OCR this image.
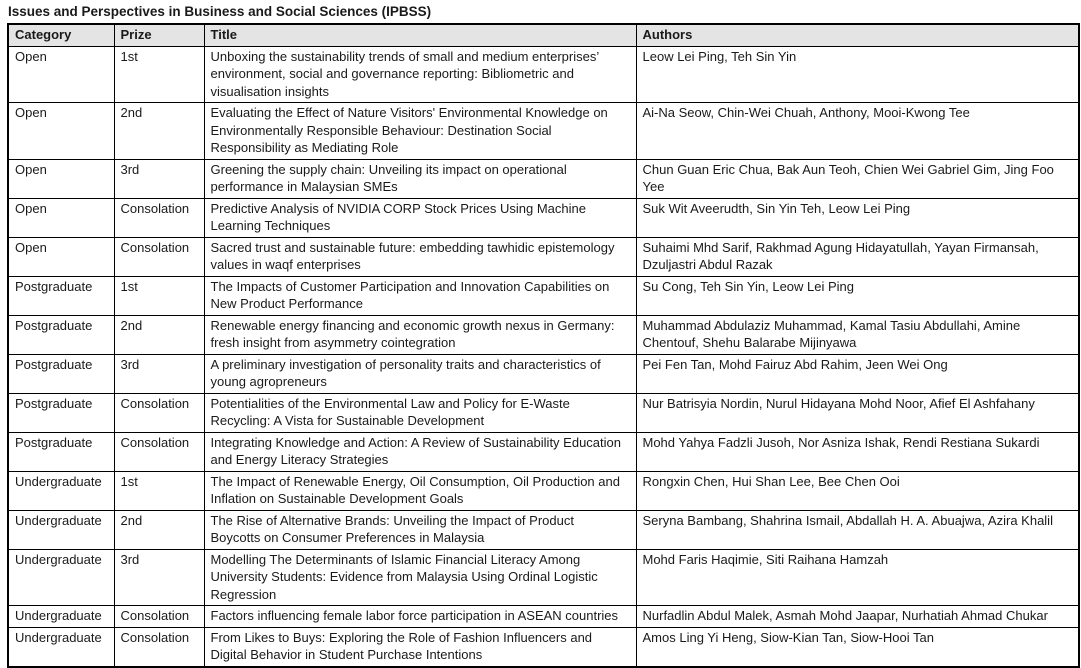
Issues and Perspectives in Business and Social Sciences (IPBSS)
Category	Prize	Title	Authors
Open	1st	Unboxing the sustainability trends of small and medium enterprises’ environment, social and governance reporting: Bibliometric and visualisation insights	Leow Lei Ping, Teh Sin Yin
Open	2nd	Evaluating the Effect of Nature Visitors' Environmental Knowledge on Environmentally Responsible Behaviour: Destination Social Responsibility as Mediating Role	Ai-Na Seow, Chin-Wei Chuah, Anthony, Mooi-Kwong Tee
Open	3rd	Greening the supply chain: Unveiling its impact on operational performance in Malaysian SMEs	Chun Guan Eric Chua, Bak Aun Teoh, Chien Wei Gabriel Gim, Jing Foo Yee
Open	Consolation	Predictive Analysis of NVIDIA CORP Stock Prices Using Machine Learning Techniques	Suk Wit Aveerudth, Sin Yin Teh, Leow Lei Ping
Open	Consolation	Sacred trust and sustainable future: embedding tawhidic epistemology values in waqf enterprises	Suhaimi Mhd Sarif, Rakhmad Agung Hidayatullah, Yayan Firmansah, Dzuljastri Abdul Razak
Postgraduate	1st	The Impacts of Customer Participation and Innovation Capabilities on New Product Performance	Su Cong, Teh Sin Yin, Leow Lei Ping
Postgraduate	2nd	Renewable energy financing and economic growth nexus in Germany: fresh insight from asymmetry cointegration	Muhammad Abdulaziz Muhammad, Kamal Tasiu Abdullahi, Amine Chentouf, Shehu Balarabe Mijinyawa
Postgraduate	3rd	A preliminary investigation of personality traits and characteristics of young agropreneurs	Pei Fen Tan, Mohd Fairuz Abd Rahim, Jeen Wei Ong
Postgraduate	Consolation	Potentialities of the Environmental Law and Policy for E-Waste Recycling: A Vista for Sustainable Development	Nur Batrisyia Nordin, Nurul Hidayana Mohd Noor, Afief El Ashfahany
Postgraduate	Consolation	Integrating Knowledge and Action: A Review of Sustainability Education and Energy Literacy Strategies	Mohd Yahya Fadzli Jusoh, Nor Asniza Ishak, Rendi Restiana Sukardi
Undergraduate	1st	The Impact of Renewable Energy, Oil Consumption, Oil Production and Inflation on Sustainable Development Goals	Rongxin Chen, Hui Shan Lee, Bee Chen Ooi
Undergraduate	2nd	The Rise of Alternative Brands: Unveiling the Impact of Product Boycotts on Consumer Preferences in Malaysia	Seryna Bambang, Shahrina Ismail, Abdallah H. A. Abuajwa, Azira Khalil
Undergraduate	3rd	Modelling The Determinants of Islamic Financial Literacy Among University Students: Evidence from Malaysia Using Ordinal Logistic Regression	Mohd Faris Haqimie, Siti Raihana Hamzah
Undergraduate	Consolation	Factors influencing female labor force participation in ASEAN countries	Nurfadlin Abdul Malek, Asmah Mohd Jaapar, Nurhatiah Ahmad Chukar
Undergraduate	Consolation	From Likes to Buys: Exploring the Role of Fashion Influencers and Digital Behavior in Student Purchase Intentions	Amos Ling Yi Heng, Siow-Kian Tan, Siow-Hooi Tan
